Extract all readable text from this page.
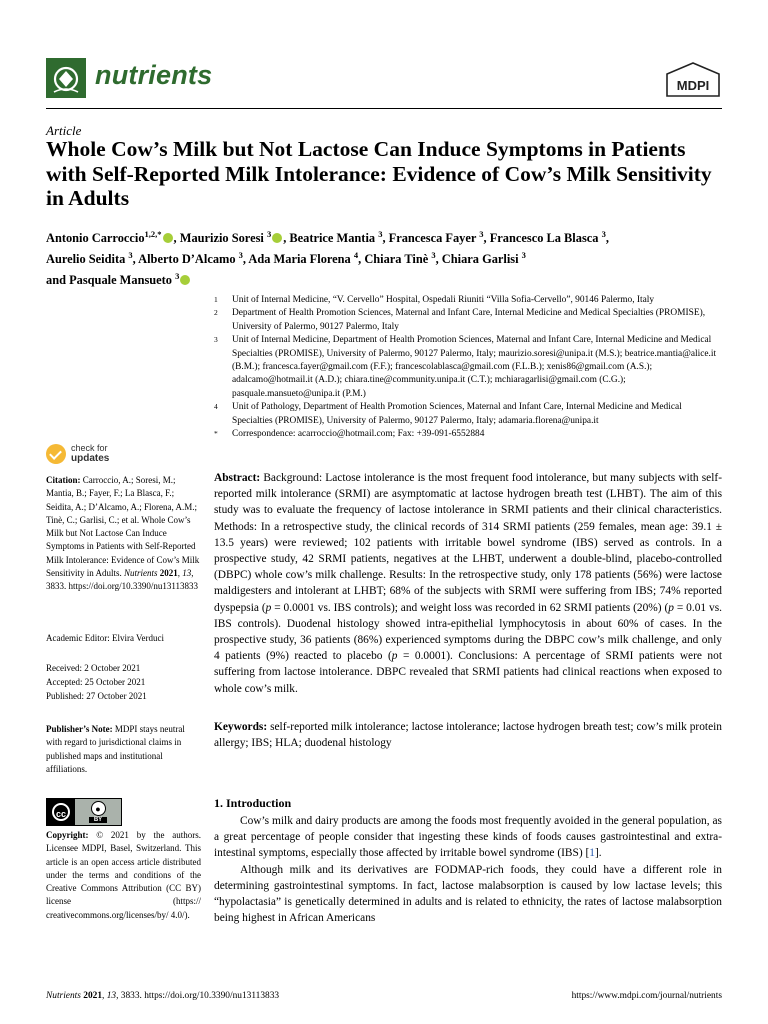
nutrients	MDPI
Article
Whole Cow’s Milk but Not Lactose Can Induce Symptoms in Patients with Self-Reported Milk Intolerance: Evidence of Cow’s Milk Sensitivity in Adults
Antonio Carroccio$^{1,2,*}$ , Maurizio Soresi $^3$ , Beatrice Mantia $^3$, Francesca Fayer $^3$, Francesco La Blasca $^3$,
Aurelio Seidita $^3$, Alberto D’Alcamo $^3$, Ada Maria Florena $^4$, Chiara Tinè $^3$, Chiara Garlisi $^3$
and Pasquale Mansueto $^3$
1	Unit of Internal Medicine, “V. Cervello” Hospital, Ospedali Riuniti “Villa Sofia-Cervello”, 90146 Palermo, Italy
2	Department of Health Promotion Sciences, Maternal and Infant Care, Internal Medicine and Medical Specialties (PROMISE), University of Palermo, 90127 Palermo, Italy
3	Unit of Internal Medicine, Department of Health Promotion Sciences, Maternal and Infant Care, Internal Medicine and Medical Specialties (PROMISE), University of Palermo, 90127 Palermo, Italy; maurizio.soresi@unipa.it (M.S.); beatrice.mantia@alice.it (B.M.); francesca.fayer@gmail.com (F.F.); francescolablasca@gmail.com (F.L.B.); xenis86@gmail.com (A.S.); adalcamo@hotmail.it (A.D.); chiara.tine@community.unipa.it (C.T.); mchiaragarlisi@gmail.com (C.G.); pasquale.mansueto@unipa.it (P.M.)
4	Unit of Pathology, Department of Health Promotion Sciences, Maternal and Infant Care, Internal Medicine and Medical Specialties (PROMISE), University of Palermo, 90127 Palermo, Italy; adamaria.florena@unipa.it
*	Correspondence: acarroccio@hotmail.com; Fax: +39-091-6552884
check for
updates
Citation: Carroccio, A.; Soresi, M.; Mantia, B.; Fayer, F.; La Blasca, F.; Seidita, A.; D’Alcamo, A.; Florena, A.M.; Tinè, C.; Garlisi, C.; et al. Whole Cow’s Milk but Not Lactose Can Induce Symptoms in Patients with Self-Reported Milk Intolerance: Evidence of Cow’s Milk Sensitivity in Adults. Nutrients 2021, 13, 3833. https://doi.org/10.3390/nu13113833
Academic Editor: Elvira Verduci
Received: 2 October 2021
Accepted: 25 October 2021
Published: 27 October 2021
Publisher’s Note: MDPI stays neutral with regard to jurisdictional claims in published maps and institutional affiliations.
cc
●
BY
Copyright: © 2021 by the authors. Licensee MDPI, Basel, Switzerland. This article is an open access article distributed under the terms and conditions of the Creative Commons Attribution (CC BY) license (https:// creativecommons.org/licenses/by/ 4.0/).
Abstract: Background: Lactose intolerance is the most frequent food intolerance, but many subjects with self-reported milk intolerance (SRMI) are asymptomatic at lactose hydrogen breath test (LHBT). The aim of this study was to evaluate the frequency of lactose intolerance in SRMI patients and their clinical characteristics. Methods: In a retrospective study, the clinical records of 314 SRMI patients (259 females, mean age: 39.1 ± 13.5 years) were reviewed; 102 patients with irritable bowel syndrome (IBS) served as controls. In a prospective study, 42 SRMI patients, negatives at the LHBT, underwent a double-blind, placebo-controlled (DBPC) whole cow’s milk challenge. Results: In the retrospective study, only 178 patients (56%) were lactose maldigesters and intolerant at LHBT; 68% of the subjects with SRMI were suffering from IBS; 74% reported dyspepsia (p = 0.0001 vs. IBS controls); and weight loss was recorded in 62 SRMI patients (20%) (p = 0.01 vs. IBS controls). Duodenal histology showed intra-epithelial lymphocytosis in about 60% of cases. In the prospective study, 36 patients (86%) experienced symptoms during the DBPC cow’s milk challenge, and only 4 patients (9%) reacted to placebo (p = 0.0001). Conclusions: A percentage of SRMI patients were not suffering from lactose intolerance. DBPC revealed that SRMI patients had clinical reactions when exposed to whole cow’s milk.
Keywords: self-reported milk intolerance; lactose intolerance; lactose hydrogen breath test; cow’s milk protein allergy; IBS; HLA; duodenal histology
1. Introduction

Cow’s milk and dairy products are among the foods most frequently avoided in the general population, as a great percentage of people consider that ingesting these kinds of foods causes gastrointestinal and extra-intestinal symptoms, especially those affected by irritable bowel syndrome (IBS) [1].

Although milk and its derivatives are FODMAP-rich foods, they could have a different role in determining gastrointestinal symptoms. In fact, lactose malabsorption is caused by low lactase levels; this “hypolactasia” is genetically determined in adults and is related to ethnicity, the rates of lactose malabsorption being highest in African Americans

Nutrients 2021, 13, 3833. https://doi.org/10.3390/nu13113833	https://www.mdpi.com/journal/nutrients
